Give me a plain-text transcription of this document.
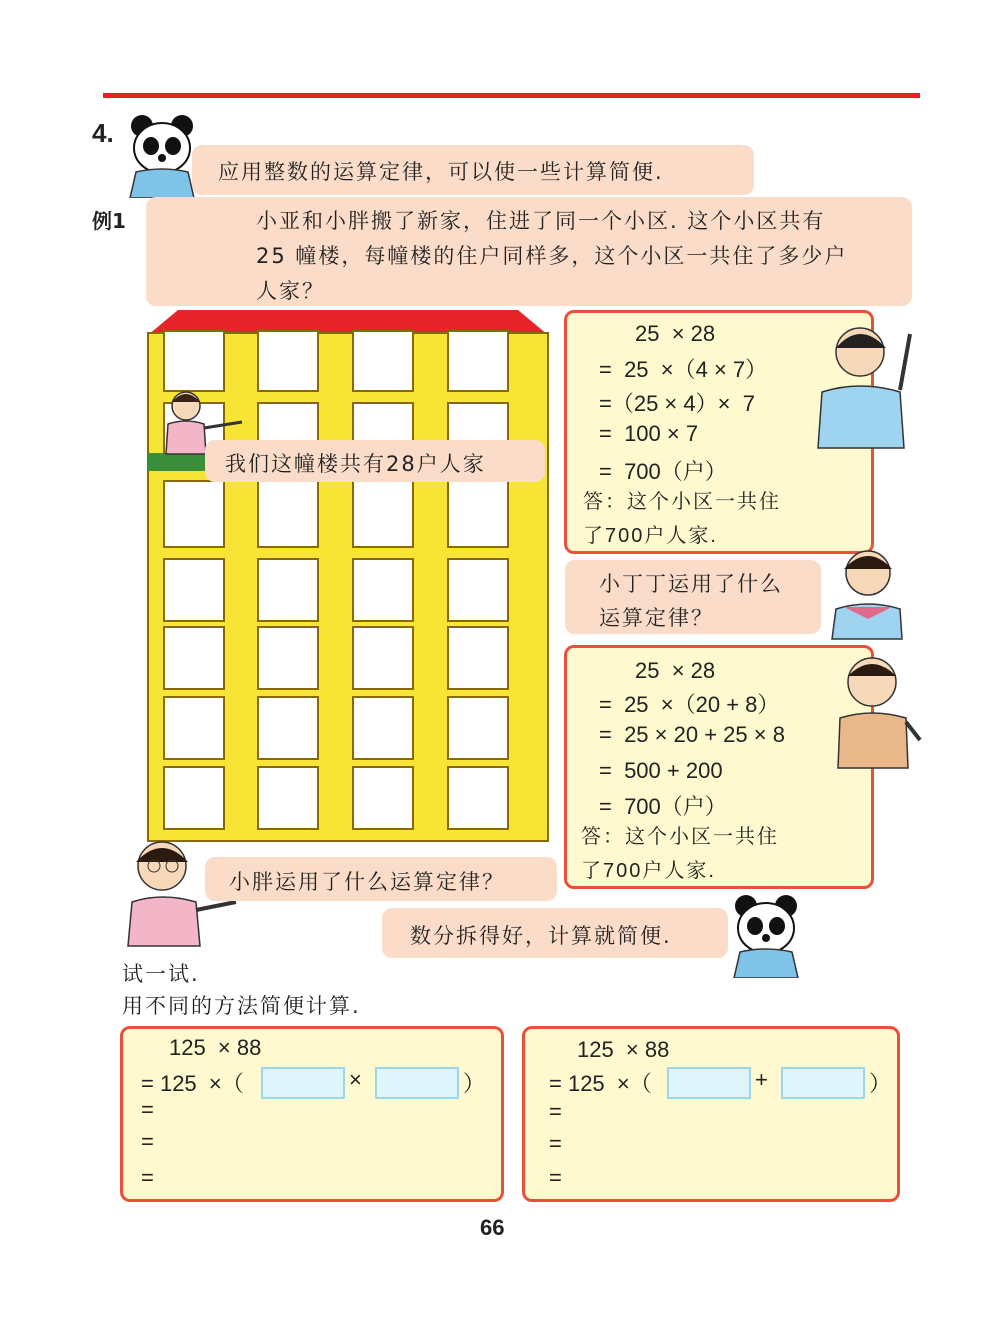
4.
应用整数的运算定律，可以使一些计算简便.
例1	小亚和小胖搬了新家，住进了同一个小区. 这个小区共有
25 幢楼，每幢楼的住户同样多，这个小区一共住了多少户
人家？
我们这幢楼共有28户人家
25  × 28
=  25  ×（4 × 7）
=（25 × 4）×  7
=  100 × 7
=  700（户）
答：这个小区一共住
了700户人家.
小丁丁运用了什么
运算定律？
25  × 28
=  25  ×（20 + 8）
=  25 × 20 + 25 × 8
=  500 + 200
=  700（户）
答：这个小区一共住
了700户人家.
小胖运用了什么运算定律？
数分拆得好，计算就简便.
试一试.
用不同的方法简便计算.
125  × 88
= 125  ×（	×	）
=
=
=
125  × 88
= 125  ×（	+	）
=
=
=
66
